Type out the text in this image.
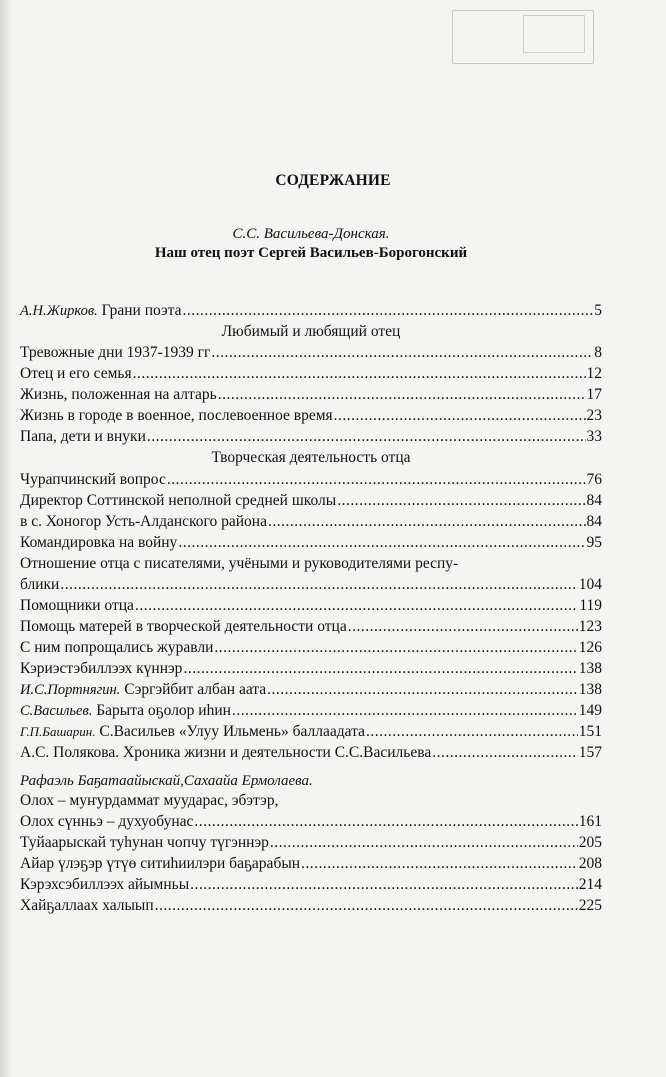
СОДЕРЖАНИЕ
С.С. Васильева-Донская.
Наш отец поэт Сергей Васильев-Борогонский
А.Н.Жирков. Грани поэта .....	5
Любимый и любящий отец
Тревожные дни 1937-1939 гг .....	8
Отец и его семья .....	12
Жизнь, положенная на алтарь .....	17
Жизнь в городе в военное, послевоенное время .....	23
Папа, дети и внуки .....	33
Творческая деятельность отца
Чурапчинский вопрос .....	76
Директор Соттинской неполной средней школы .....	84
в с. Хоногор Усть-Алданского района .....	84
Командировка на войну .....	95
Отношение отца с писателями, учёными и руководителями респу-
блики .....	104
Помощники отца .....	119
Помощь матерей в творческой деятельности отца .....	123
С ним попрощались журавли .....	126
Кэриэстэбиллээх күннэр .....	138
И.С.Портнягин. Сэргэйбит албан аата .....	138
С.Васильев. Барыта оҕолор иһин .....	149
Г.П.Башарин. С.Васильев «Улуу Ильмень» баллаадата .....	151
А.С. Полякова. Хроника жизни и деятельности С.С.Васильева .....	157
Рафаэль Баҕатаайыскай,Сахаайа Ермолаева.
Олох – муҥурдаммат муударас, эбэтэр,
Олох сүнньэ – духуобунас .....	161
Туйаарыскай туһунан чопчу түгэннэр .....	205
Айар үлэҕэр үтүө ситиһиилэри баҕарабын .....	208
Кэрэхсэбиллээх айымньы .....	214
Хайҕаллаах халыып .....	225
